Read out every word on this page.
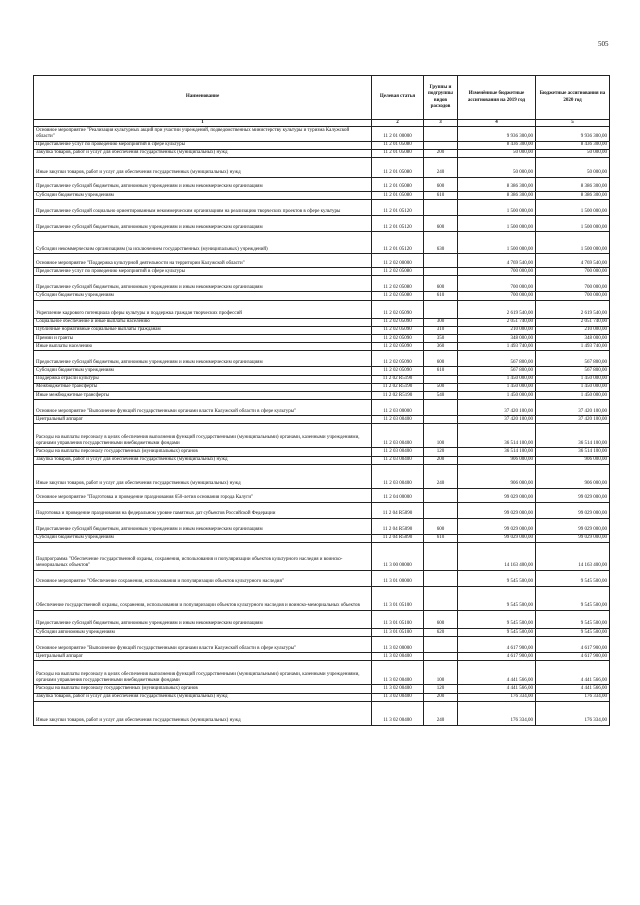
505
Наименование	Целевая статья	Группы и подгруппы видов расходов	Изменённые бюджетные ассигнования на 2019 год	Бюджетные ассигнования на 2020 год
1	2	3	4	5
Основное мероприятие "Реализация культурных акций при участии учреждений, подведомственных министерству культуры и туризма Калужской области"	11 2 01 00000		9 936 300,00	9 936 300,00
Предоставление услуг по проведению мероприятий в сфере культуры	11 2 01 05080		8 436 300,00	8 436 300,00
Закупка товаров, работ и услуг для обеспечения государственных (муниципальных) нужд	11 2 01 05080	200	50 000,00	50 000,00
Иные закупки товаров, работ и услуг для обеспечения государственных (муниципальных) нужд	11 2 01 05080	240	50 000,00	50 000,00
Предоставление субсидий бюджетным, автономным учреждениям и иным некоммерческим организациям	11 2 01 05080	600	8 386 300,00	8 386 300,00
Субсидии бюджетным учреждениям	11 2 01 05080	610	8 386 300,00	8 386 300,00
Предоставление субсидий социально ориентированным некоммерческим организациям на реализацию творческих проектов в сфере культуры	11 2 01 05120		1 500 000,00	1 500 000,00
Предоставление субсидий бюджетным, автономным учреждениям и иным некоммерческим организациям	11 2 01 05120	600	1 500 000,00	1 500 000,00
Субсидии некоммерческим организациям (за исключением государственных (муниципальных) учреждений)	11 2 01 05120	630	1 500 000,00	1 500 000,00
Основное мероприятие "Поддержка культурной деятельности на территории Калужской области"	11 2 02 00000		4 769 540,00	4 769 540,00
Предоставление услуг по проведению мероприятий в сфере культуры	11 2 02 05080		700 000,00	700 000,00
Предоставление субсидий бюджетным, автономным учреждениям и иным некоммерческим организациям	11 2 02 05080	600	700 000,00	700 000,00
Субсидии бюджетным учреждениям	11 2 02 05080	610	700 000,00	700 000,00
Укрепление кадрового потенциала сферы культуры и поддержка граждан творческих профессий	11 2 02 05090		2 619 540,00	2 619 540,00
Социальное обеспечение и иные выплаты населению	11 2 02 05090	300	2 051 740,00	2 051 740,00
Публичные нормативные социальные выплаты гражданам	11 2 02 05090	310	210 000,00	210 000,00
Премии и гранты	11 2 02 05090	350	348 000,00	348 000,00
Иные выплаты населению	11 2 02 05090	360	1 493 740,00	1 493 740,00
Предоставление субсидий бюджетным, автономным учреждениям и иным некоммерческим организациям	11 2 02 05090	600	567 800,00	567 800,00
Субсидии бюджетным учреждениям	11 2 02 05090	610	567 800,00	567 800,00
Поддержка отрасли культуры	11 2 02 R5190		1 450 000,00	1 450 000,00
Межбюджетные трансферты	11 2 02 R5190	500	1 450 000,00	1 450 000,00
Иные межбюджетные трансферты	11 2 02 R5190	540	1 450 000,00	1 450 000,00
Основное мероприятие "Выполнение функций государственными органами власти Калужской области в сфере культуры"	11 2 03 00000		37 420 100,00	37 420 100,00
Центральный аппарат	11 2 03 00400		37 420 100,00	37 420 100,00
Расходы на выплаты персоналу в целях обеспечения выполнения функций государственными (муниципальными) органами, казенными учреждениями, органами управления государственными внебюджетными фондами	11 2 03 00400	100	36 514 100,00	36 514 100,00
Расходы на выплаты персоналу государственных (муниципальных) органов	11 2 03 00400	120	36 514 100,00	36 514 100,00
Закупка товаров, работ и услуг для обеспечения государственных (муниципальных) нужд	11 2 03 00400	200	906 000,00	906 000,00
Иные закупки товаров, работ и услуг для обеспечения государственных (муниципальных) нужд	11 2 03 00400	240	906 000,00	906 000,00
Основное мероприятие "Подготовка и проведение празднования 650-летия основания города Калуги"	11 2 04 00000		99 029 000,00	99 029 000,00
Подготовка и проведение празднования на федеральном уровне памятных дат субъектов Российской Федерации	11 2 04 R5090		99 029 000,00	99 029 000,00
Предоставление субсидий бюджетным, автономным учреждениям и иным некоммерческим организациям	11 2 04 R5090	600	99 029 000,00	99 029 000,00
Субсидии бюджетным учреждениям	11 2 04 R5090	610	99 029 000,00	99 029 000,00
Подпрограмма "Обеспечение государственной охраны, сохранения, использования и популяризации объектов культурного наследия и воинско-мемориальных объектов"	11 3 00 00000		14 163 400,00	14 163 400,00
Основное мероприятие "Обеспечение сохранения, использования и популяризации объектов культурного наследия"	11 3 01 00000		9 545 500,00	9 545 500,00
Обеспечение государственной охраны, сохранения, использования и популяризации объектов культурного наследия и воинско-мемориальных объектов	11 3 01 05100		9 545 500,00	9 545 500,00
Предоставление субсидий бюджетным, автономным учреждениям и иным некоммерческим организациям	11 3 01 05100	600	9 545 500,00	9 545 500,00
Субсидии автономным учреждениям	11 3 01 05100	620	9 545 500,00	9 545 500,00
Основное мероприятие "Выполнение функций государственными органами власти Калужской области в сфере культуры"	11 3 02 00000		4 617 900,00	4 617 900,00
Центральный аппарат	11 3 02 00400		4 617 900,00	4 617 900,00
Расходы на выплаты персоналу в целях обеспечения выполнения функций государственными (муниципальными) органами, казенными учреждениями, органами управления государственными внебюджетными фондами	11 3 02 00400	100	4 441 566,00	4 441 566,00
Расходы на выплаты персоналу государственных (муниципальных) органов	11 3 02 00400	120	4 441 566,00	4 441 566,00
Закупка товаров, работ и услуг для обеспечения государственных (муниципальных) нужд	11 3 02 00400	200	176 334,00	176 334,00
Иные закупки товаров, работ и услуг для обеспечения государственных (муниципальных) нужд	11 3 02 00400	240	176 334,00	176 334,00
